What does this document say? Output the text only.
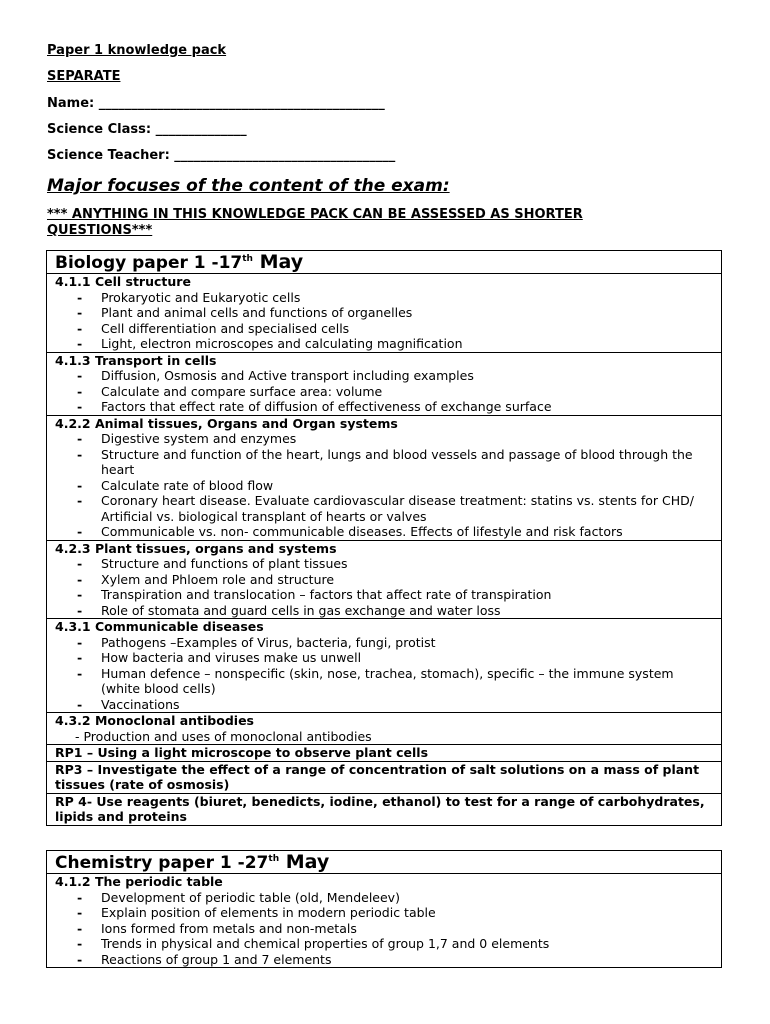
Paper 1 knowledge pack
SEPARATE
Name: ____________________________________________
Science Class: ______________
Science Teacher: __________________________________
Major focuses of the content of the exam:
*** ANYTHING IN THIS KNOWLEDGE PACK CAN BE ASSESSED AS SHORTER QUESTIONS***
Biology paper 1 -17th May
4.1.1 Cell structure
- Prokaryotic and Eukaryotic cells
- Plant and animal cells and functions of organelles
- Cell differentiation and specialised cells
- Light, electron microscopes and calculating magnification
4.1.3 Transport in cells
- Diffusion, Osmosis and Active transport including examples
- Calculate and compare surface area: volume
- Factors that effect rate of diffusion of effectiveness of exchange surface
4.2.2 Animal tissues, Organs and Organ systems
- Digestive system and enzymes
- Structure and function of the heart, lungs and blood vessels and passage of blood through the heart
- Calculate rate of blood flow
- Coronary heart disease. Evaluate cardiovascular disease treatment: statins vs. stents for CHD/ Artificial vs. biological transplant of hearts or valves
- Communicable vs. non- communicable diseases. Effects of lifestyle and risk factors
4.2.3 Plant tissues, organs and systems
- Structure and functions of plant tissues
- Xylem and Phloem role and structure
- Transpiration and translocation – factors that affect rate of transpiration
- Role of stomata and guard cells in gas exchange and water loss
4.3.1 Communicable diseases
- Pathogens –Examples of Virus, bacteria, fungi, protist
- How bacteria and viruses make us unwell
- Human defence – nonspecific (skin, nose, trachea, stomach), specific – the immune system (white blood cells)
- Vaccinations
4.3.2 Monoclonal antibodies
- Production and uses of monoclonal antibodies
RP1 – Using a light microscope to observe plant cells
RP3 – Investigate the effect of a range of concentration of salt solutions on a mass of plant tissues (rate of osmosis)
RP 4- Use reagents (biuret, benedicts, iodine, ethanol) to test for a range of carbohydrates, lipids and proteins
Chemistry paper 1 -27th May
4.1.2 The periodic table
- Development of periodic table (old, Mendeleev)
- Explain position of elements in modern periodic table
- Ions formed from metals and non-metals
- Trends in physical and chemical properties of group 1,7 and 0 elements
- Reactions of group 1 and 7 elements
